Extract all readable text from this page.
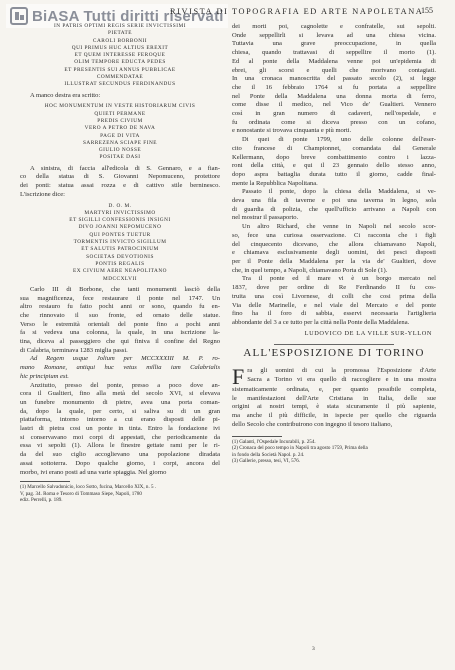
BiASA Tutti diritti riservati
RIVISTA DI TOPOGRAFIA ED ARTE NAPOLETANA
155
IN PATRIS OPTIMI REGIS SERIE INVICTISSIMI
PIETATE
CAROLI BORBONII
QUI PRIMUS HUC ALTIUS EREXIT
ET QUEM INTERESSE FEROQUE
OLIM TEMPORE EDUCTA PEDES
ET PRESENTIS SUI ANNUS PUBBLICAE
COMMENDATAE
ILLUSTRAT SECUNDUS FERDINANDUS

A manco destra era scritto:

HOC MONUMENTUM IN VESTE HISTORIARUM CIVIS
QUIETI PERMANE
PREDIS CIVIUM
VERO A PETRO DE NAVA
PAGE DI VITA
SARREZENA SCIAPE FINE
GIULIO NOSSE
POSITAE DASI
A sinistra, di faccia all'edicola di S. Gennaro, e a fian-
co della statua di S. Giovanni Nepomuceno, protettore
dei ponti: statua assai rozza e di cattivo stile berninesco.
L'iscrizione dice:
D. O. M.
MARTYRI INVICTISSIMO
ET SIGILLI CONFESSIONIS INSIGNI
DIVO JOANNI NEPOMUCENO
QUI PONTES TUETUR
TORMENTIS INVICTO SIGILLUM
ET SALUTIS PATROCINIUM
SOCIETAS DEVOTIONIS
PONTIS REGALIS
EX CIVIUM AERE NEAPOLITANO
MDCCXLVII
Carlo III di Borbone, che tanti monumenti lasciò della
sua magnificenza, fece restaurare il ponte nel 1747. Un
altro restauro fu fatto pochi anni or sono, quando fu en-
che rinnovato il suo fronte, ed ornato delle statue.
Verso le estremità orientali del ponte fino a pochi anni
fa si vedeva una colonna, la quale, in una iscrizione la-
tina, diceva al passeggiero che qui finiva il confine del Regno
di Calabria, terminava 1283 miglia passi.
Ad Regem usque Jolium per MCCXXXIII M. P. ro-
mano Romane, antiqui huc vetus millia iam Calabrialis
hic principium est.
Anzitutto, presso del ponte, presso a poco dove an-
cora il Gualtieri, fino alla metà del secolo XVI, si elevava
un funebre monumento di pietre, avea una porta coman-
da, dopo la quale, per certo, si saliva su di un gran
piattaforma, intorno intorno a cui erano disposti delle pi-
lastri di pietra cosi un ponte in tinta. Entro la fondazione ivi
si conservavano moi corpi di appestati, che periodicamente da
essa vi sepolti (1). Allora le finestre gettate rami per le ri-
da del suo ciglio accoglievano una popolazione diradata
assai sottoterra. Dopo qualche giorno, i corpi, ancora del
morbo, ivi erano posti ad una varie spiaggia. Nel giorno
(1) Marcello Salvadonicio, loco Sotto, fucina, Marcello XIX, n. 5 .
V, pag. 34. Roma e Tesoro di Tommaso Siepe, Napoli, 1780
ediz. Perrelli, p. 189.
dei morti poi, cagnolette e confratelle, sui sepolti.
Onde seppellirli si levava ad una chiesa vicina.
Tuttavia una grave preoccupazione, in quella
chiesa, quando trattavasi di seppellire il morto (1).
Ed al ponte della Maddalena venne poi un'epidemia di
ebrei, gli scorsi e quelli che morivano contagiati.
In una cronaca manoscritta del passato secolo (2), si legge
che il 16 febbraio 1764 si fu portata a seppellire
nel Ponte della Maddalena una donna morta di ferro,
come disse il medico, nel Vico de' Gualtieri. Vennero
così in gran numero di cadaveri, nell'ospedale, e
fu ordinata come si diceva presso con un cofano,
e nonostante si trovava cinquanta e più morti.
Di quei di ponte 1799, uno delle colonne dell'eser-
cito francese di Championnet, comandata dal Generale
Kellermann, dopo breve combattimento contro i lazza-
roni della città, e qui il 23 gennaio dello stesso anno,
dopo aspra battaglia durata tutto il giorno, cadde final-
mente la Repubblica Napolitana.
Passato il ponte, dopo la chiesa della Maddalena, si ve-
deva una fila di taverne e poi una taverna in legno, sola
di guardia di polizia, che quell'ufficio arrivano a Napoli con
nel mostrar il passaporto.
Un altro Richard, che venne in Napoli nel secolo scor-
so, fece una curiosa osservazione. Ci racconta che i figli
del cinquecento dicevano, che allora chiamavano Napoli,
e chiamava esclusivamente degli uomini, dei pesci disposti
per il Ponte della Maddalena per la via de' Gualtieri, dove
che, in quel tempo, a Napoli, chiamavano Porta di Sole (1).
Tra il ponte ed il mare vi è un borgo mercato nel
1837, dove per ordine di Re Ferdinando II fu cos-
truita una così Livornese, di colli che cosi prima della
Via delle Marinelle, e nel viale del Mercato e del ponte
fino ha il foro di sabbia, esservi necessaria l'artiglieria
abbondante del 3 a ce tutto per la città nella Ponte della Maddalena.
LUDOVICO DE LA VILLE SUR-YLLON
ALL'ESPOSIZIONE DI TORINO
F ra gli uomini di cui la promossa l'Esposizione d'Arte
Sacra a Torino vi era quello di raccogliere e in una mostra
sistematicamente ordinata, e, per quanto possibile completa,
le manifestazioni dell'Arte Cristiana in Italia, delle sue
origini ai nostri tempi, è stata sicuramente il più sapiente,
ma anche il più difficile, in ispecie per quello che riguarda
dello Secolo che contribuirono con ingegno il tesoro italiano,
(1) Galanti, l'Ospedale Incurabili, p. 254.
(2) Cronaca del poco tempo in Napoli tra agosto 1759, Prima della
in fondo della Società Napol. p. 24.
(3) Gallerie, presso, tesi, VI, 576.
3
